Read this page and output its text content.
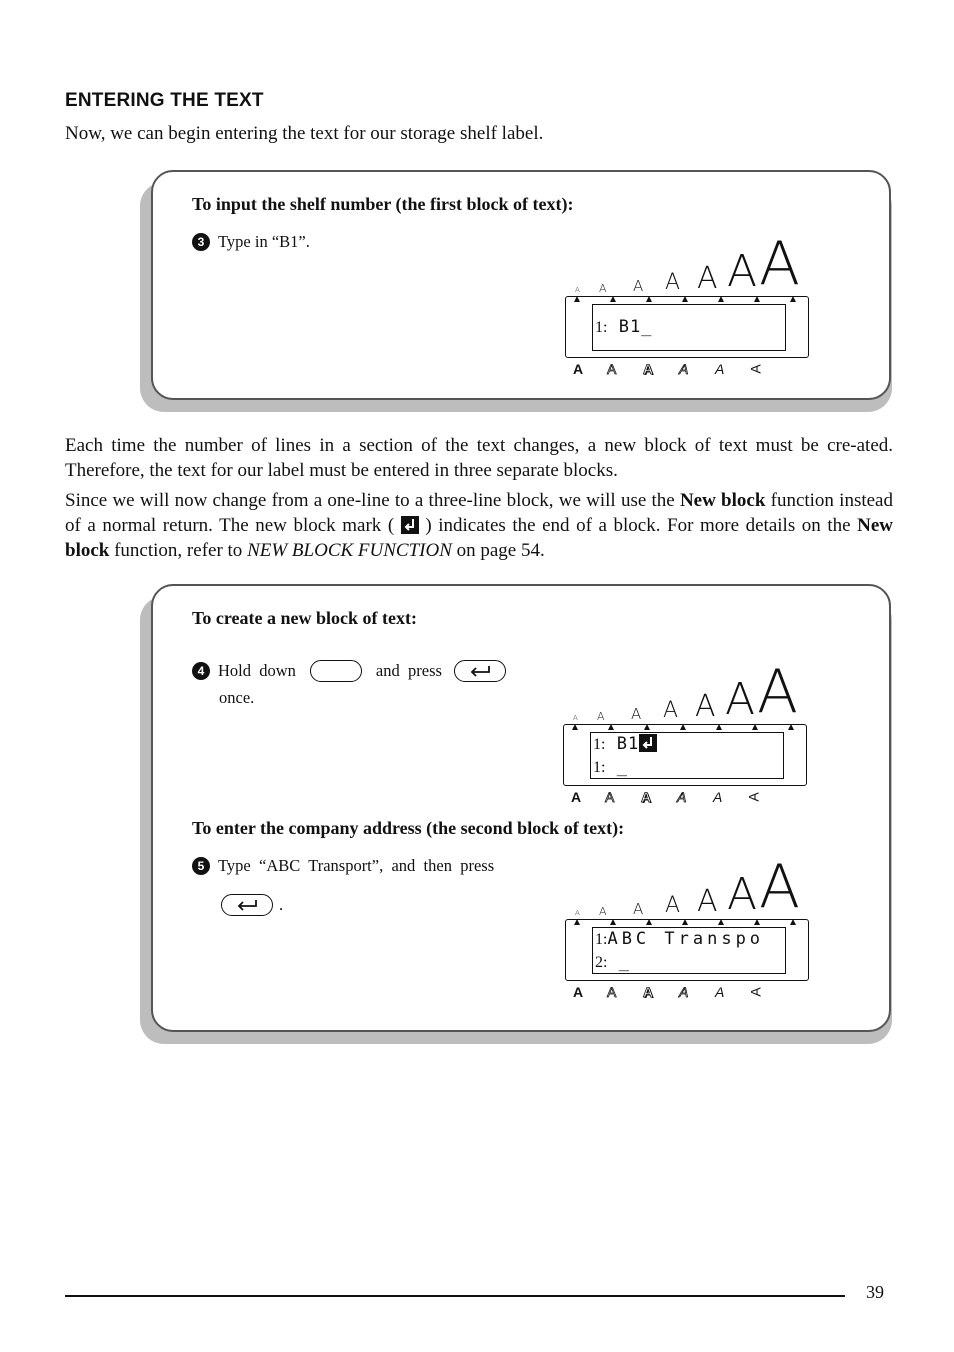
ENTERING THE TEXT
Now, we can begin entering the text for our storage shelf label.
To input the shelf number (the first block of text):
3 Type in “B1”.
A A A A A A A
1: B1_
A A A A A A
Each time the number of lines in a section of the text changes, a new block of text must be cre-ated. Therefore, the text for our label must be entered in three separate blocks.
Since we will now change from a one-line to a three-line block, we will use the New block function instead of a normal return. The new block mark ( ) indicates the end of a block. For more details on the New block function, refer to NEW BLOCK FUNCTION on page 54.
To create a new block of text:
4 Hold  down	and  press
once.
A A A A A A A
1: B1
1: _
A A A A A A
To enter the company address (the second block of text):
5 Type  “ABC  Transport”,  and  then  press
.	A A A A A A A
1:ABC Transpo
2: _
A A A A A A
39
